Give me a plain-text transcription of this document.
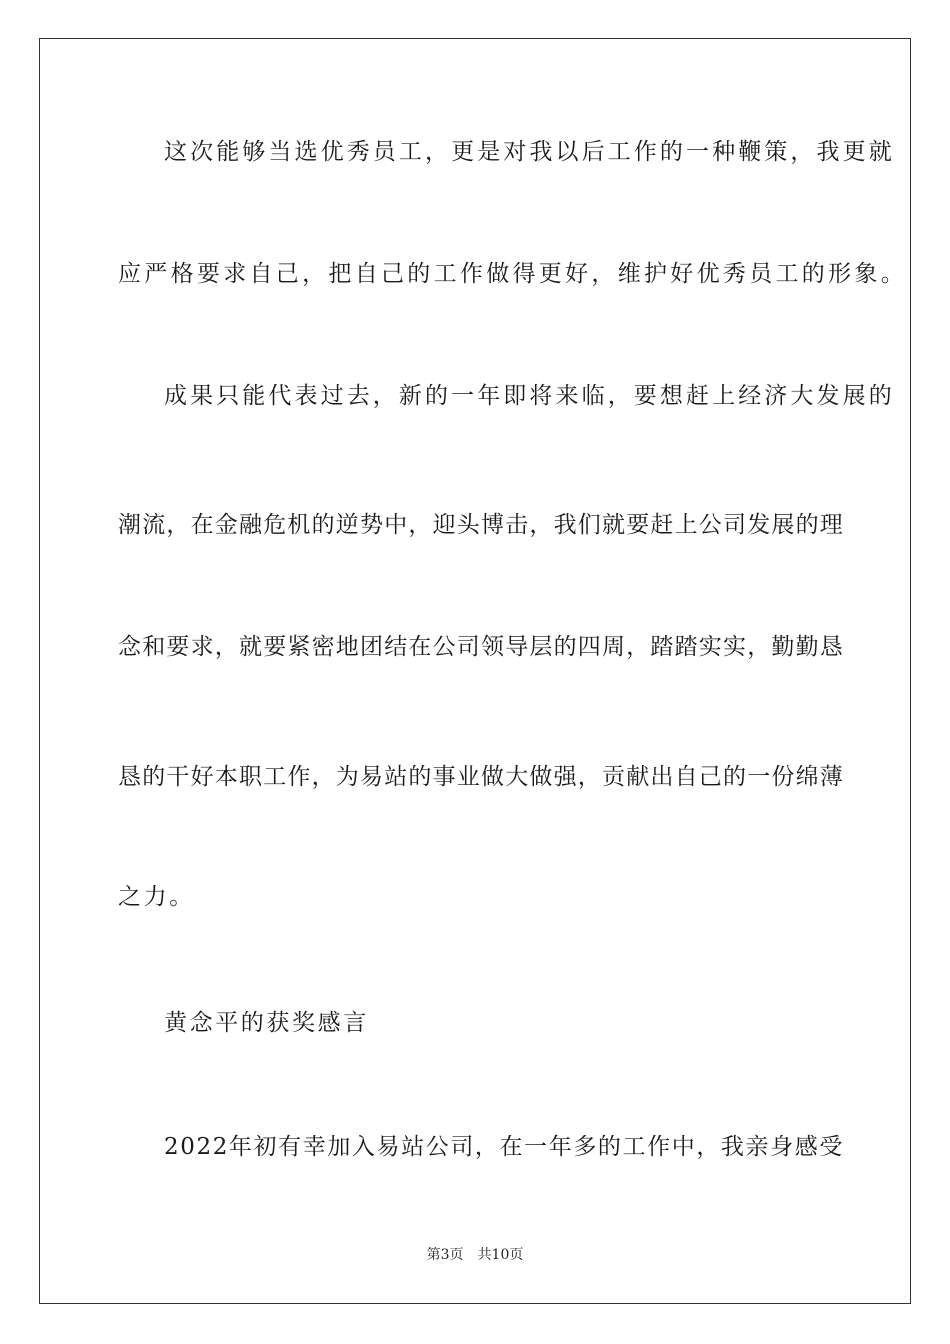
这次能够当选优秀员工，更是对我以后工作的一种鞭策，我更就
应严格要求自己，把自己的工作做得更好，维护好优秀员工的形象。
成果只能代表过去，新的一年即将来临，要想赶上经济大发展的
潮流，在金融危机的逆势中，迎头博击，我们就要赶上公司发展的理
念和要求，就要紧密地团结在公司领导层的四周，踏踏实实，勤勤恳
恳的干好本职工作，为易站的事业做大做强，贡献出自己的一份绵薄
之力。
黄念平的获奖感言
2022年初有幸加入易站公司，在一年多的工作中，我亲身感受
第3页 共10页
